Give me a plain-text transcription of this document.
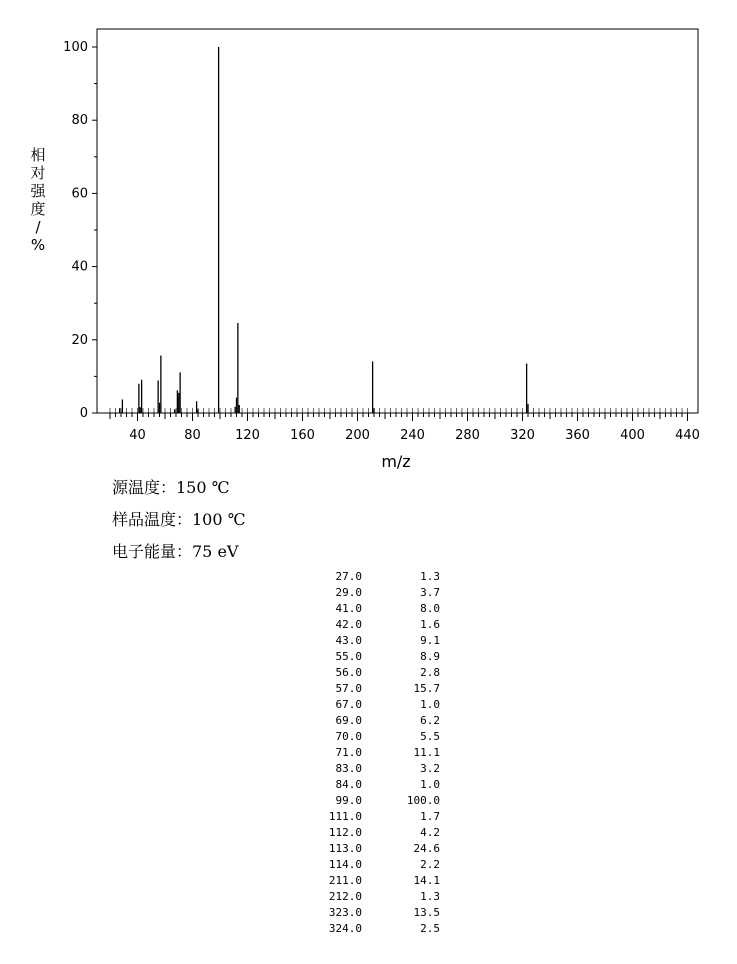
0
20
40
60
80
100
40	80	120 160 200 240 280 320 360 400 440
m/z
相
对
强
度
/
%
源温度：150 ℃
样品温度：100 ℃
电子能量：75 eV
27.0	1.3
29.0	3.7
41.0	8.0
42.0	1.6
43.0	9.1
55.0	8.9
56.0	2.8
57.0	15.7
67.0	1.0
69.0	6.2
70.0	5.5
71.0	11.1
83.0	3.2
84.0	1.0
99.0	100.0
111.0	1.7
112.0	4.2
113.0	24.6
114.0	2.2
211.0	14.1
212.0	1.3
323.0	13.5
324.0	2.5
